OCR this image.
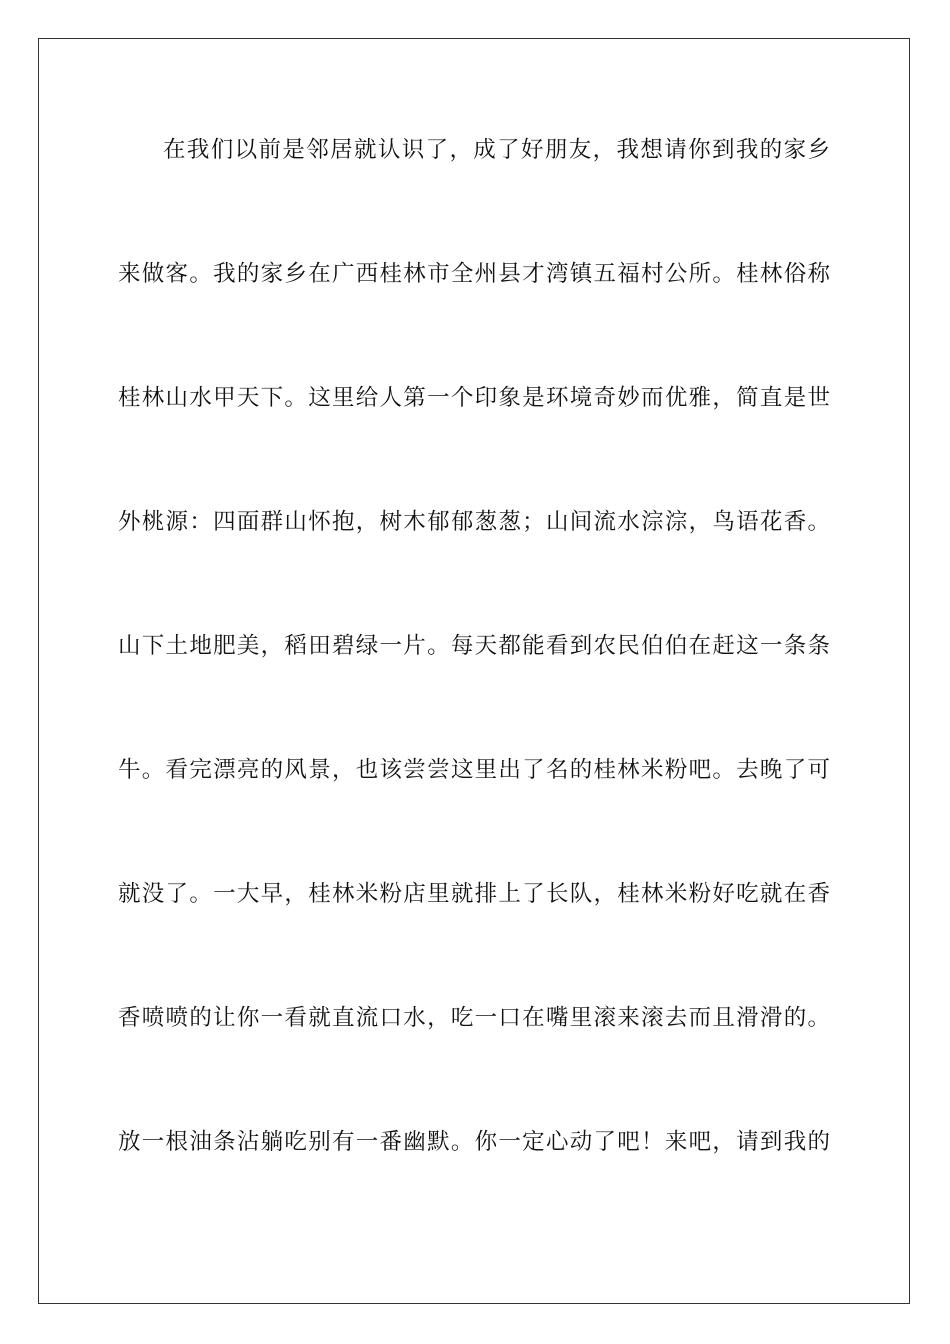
在我们以前是邻居就认识了，成了好朋友，我想请你到我的家乡
来做客。我的家乡在广西桂林市全州县才湾镇五福村公所。桂林俗称
桂林山水甲天下。这里给人第一个印象是环境奇妙而优雅，简直是世
外桃源：四面群山怀抱，树木郁郁葱葱；山间流水淙淙，鸟语花香。
山下土地肥美，稻田碧绿一片。每天都能看到农民伯伯在赶这一条条
牛。看完漂亮的风景，也该尝尝这里出了名的桂林米粉吧。去晚了可
就没了。一大早，桂林米粉店里就排上了长队，桂林米粉好吃就在香
香喷喷的让你一看就直流口水，吃一口在嘴里滚来滚去而且滑滑的。
放一根油条沾躺吃别有一番幽默。你一定心动了吧！来吧，请到我的
